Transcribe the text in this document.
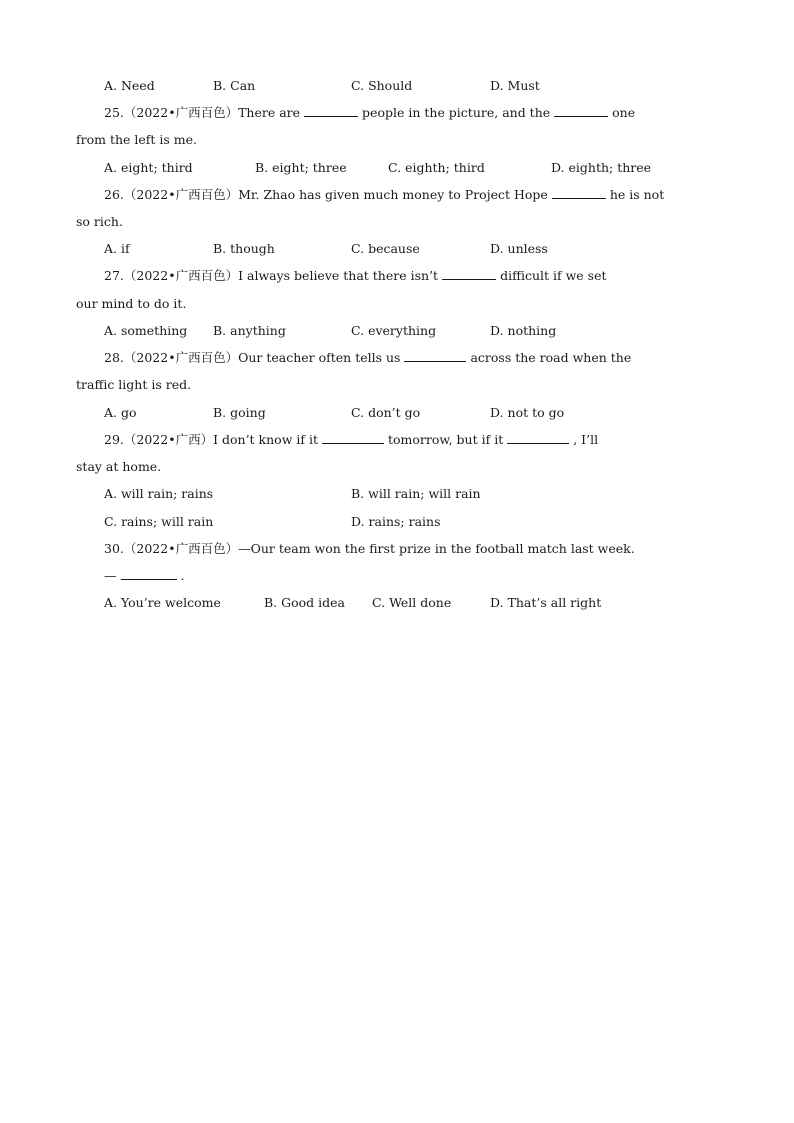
A. Need	B. Can	C. Should	D. Must
25.（2022•广西百色）There are	people in the picture, and the	one
from the left is me.
A. eight; third	B. eight; three	C. eighth; third	D. eighth; three
26.（2022•广西百色）Mr. Zhao has given much money to Project Hope	he is not
so rich.
A. if	B. though	C. because	D. unless
27.（2022•广西百色）I always believe that there isn’t	difficult if we set
our mind to do it.
A. something B. anything	C. everything	D. nothing
28.（2022•广西百色）Our teacher often tells us	across the road when the
traffic light is red.
A. go	B. going	C. don’t go	D. not to go
29.（2022•广西）I don’t know if it	tomorrow, but if it	, I’ll
stay at home.
A. will rain; rains	B. will rain; will rain
C. rains; will rain	D. rains; rains
30.（2022•广西百色）—Our team won the first prize in the football match last week.
—	.
A. You’re welcome	B. Good idea C. Well done	D. That’s all right
